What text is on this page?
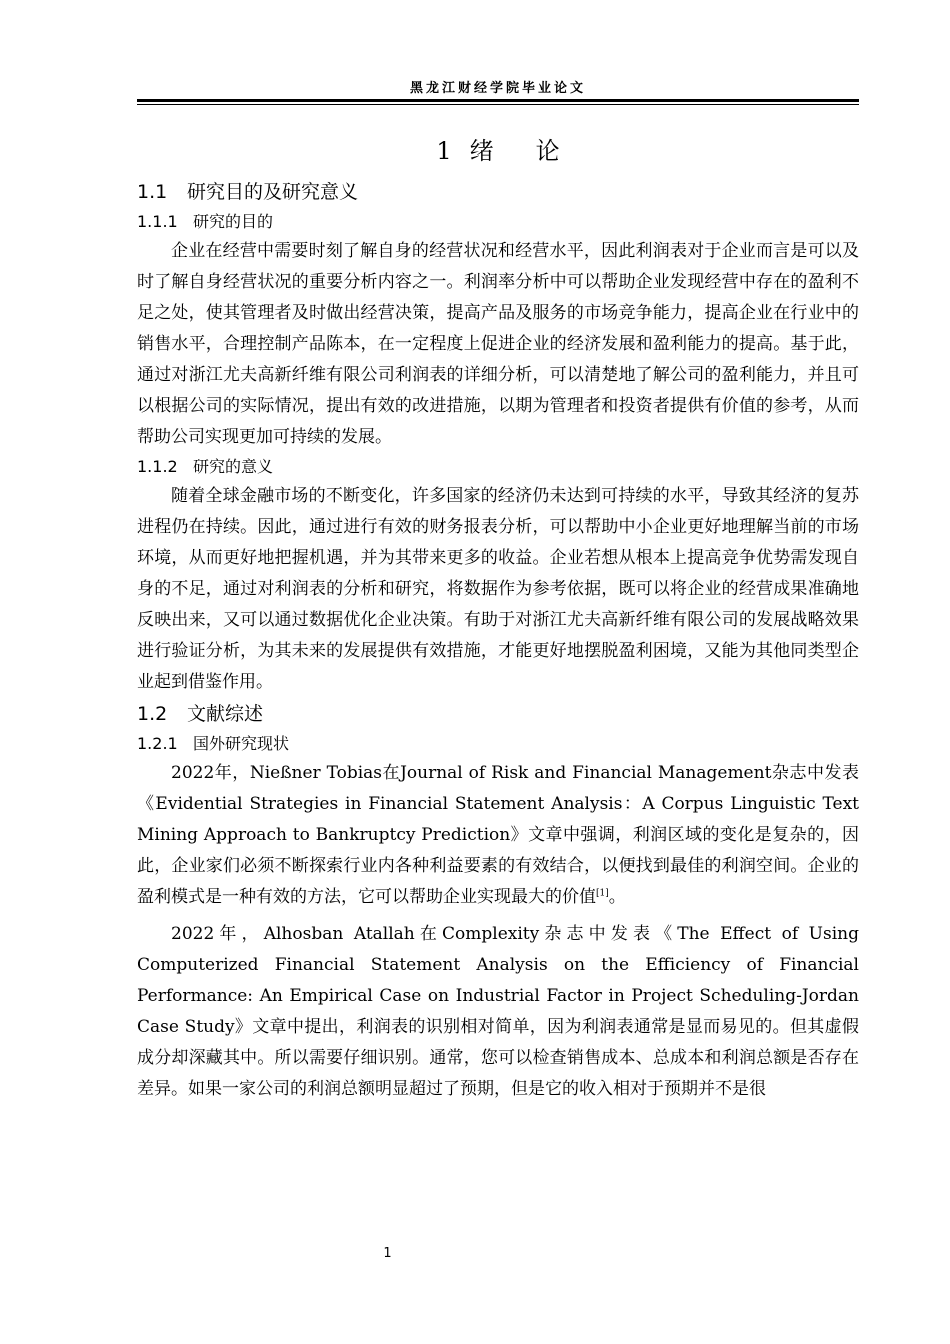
黑龙江财经学院毕业论文
1 绪 论
1.1 研究目的及研究意义
1.1.1 研究的目的

企业在经营中需要时刻了解自身的经营状况和经营水平，因此利润表对于企业而言是可以及时了解自身经营状况的重要分析内容之一。利润率分析中可以帮助企业发现经营中存在的盈利不足之处，使其管理者及时做出经营决策，提高产品及服务的市场竞争能力，提高企业在行业中的销售水平，合理控制产品陈本，在一定程度上促进企业的经济发展和盈利能力的提高。基于此，通过对浙江尤夫高新纤维有限公司利润表的详细分析，可以清楚地了解公司的盈利能力，并且可以根据公司的实际情况，提出有效的改进措施，以期为管理者和投资者提供有价值的参考，从而帮助公司实现更加可持续的发展。

1.1.2 研究的意义

随着全球金融市场的不断变化，许多国家的经济仍未达到可持续的水平，导致其经济的复苏进程仍在持续。因此，通过进行有效的财务报表分析，可以帮助中小企业更好地理解当前的市场环境，从而更好地把握机遇，并为其带来更多的收益。企业若想从根本上提高竞争优势需发现自身的不足，通过对利润表的分析和研究，将数据作为参考依据，既可以将企业的经营成果准确地反映出来，又可以通过数据优化企业决策。有助于对浙江尤夫高新纤维有限公司的发展战略效果进行验证分析，为其未来的发展提供有效措施，才能更好地摆脱盈利困境，又能为其他同类型企业起到借鉴作用。

1.2 文献综述
1.2.1 国外研究现状

2022年，Nießner Tobias在Journal of Risk and Financial Management杂志中发表《Evidential Strategies in Financial Statement Analysis：A Corpus Linguistic Text Mining Approach to Bankruptcy Prediction》文章中强调，利润区域的变化是复杂的，因此，企业家们必须不断探索行业内各种利益要素的有效结合，以便找到最佳的利润空间。企业的盈利模式是一种有效的方法，它可以帮助企业实现最大的价值[1]。

2022年，Alhosban Atallah在Complexity杂志中发表《The Effect of Using Computerized Financial Statement Analysis on the Efficiency of Financial Performance: An Empirical Case on Industrial Factor in Project Scheduling-Jordan Case Study》文章中提出，利润表的识别相对简单，因为利润表通常是显而易见的。但其虚假成分却深藏其中。所以需要仔细识别。通常，您可以检查销售成本、总成本和利润总额是否存在差异。如果一家公司的利润总额明显超过了预期，但是它的收入相对于预期并不是很

1
